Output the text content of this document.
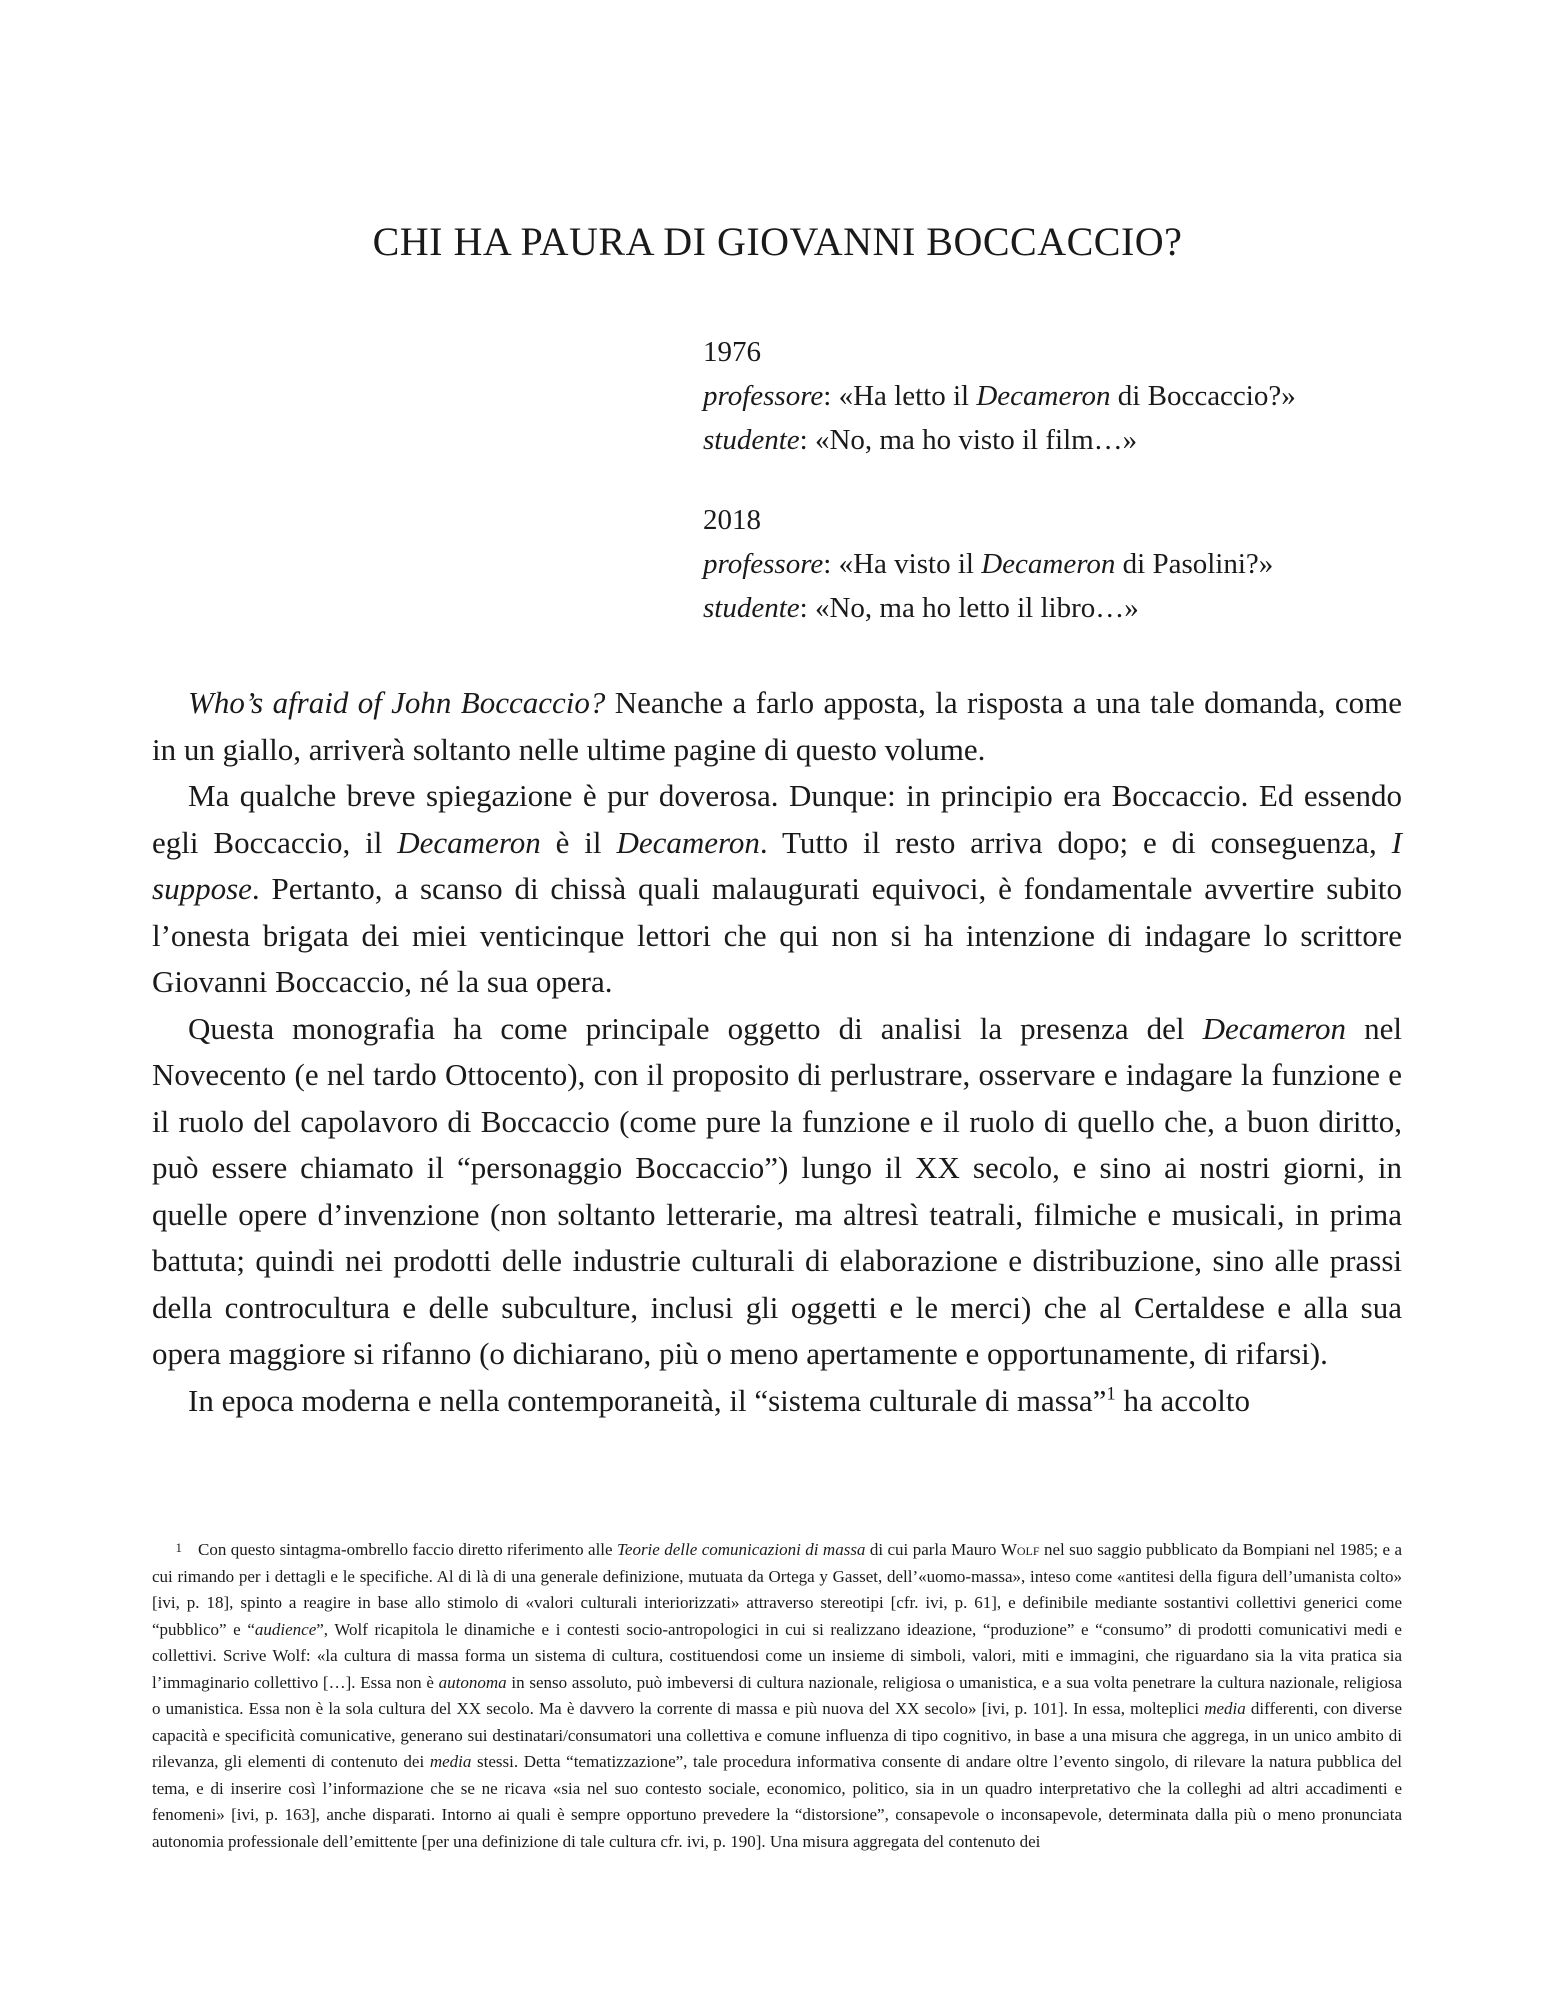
CHI HA PAURA DI GIOVANNI BOCCACCIO?
1976
professore: «Ha letto il Decameron di Boccaccio?»
studente: «No, ma ho visto il film…»
2018
professore: «Ha visto il Decameron di Pasolini?»
studente: «No, ma ho letto il libro…»

Who’s afraid of John Boccaccio? Neanche a farlo apposta, la risposta a una tale domanda, come in un giallo, arriverà soltanto nelle ultime pagine di questo volume.

Ma qualche breve spiegazione è pur doverosa. Dunque: in principio era Boccaccio. Ed essendo egli Boccaccio, il Decameron è il Decameron. Tutto il resto arriva dopo; e di conseguenza, I suppose. Pertanto, a scanso di chissà quali malaugurati equivoci, è fondamentale avvertire subito l’onesta brigata dei miei venticinque lettori che qui non si ha intenzione di indagare lo scrittore Giovanni Boccaccio, né la sua opera.

Questa monografia ha come principale oggetto di analisi la presenza del Decameron nel Novecento (e nel tardo Ottocento), con il proposito di perlustrare, osservare e indagare la funzione e il ruolo del capolavoro di Boccaccio (come pure la funzione e il ruolo di quello che, a buon diritto, può essere chiamato il “personaggio Boccaccio”) lungo il XX secolo, e sino ai nostri giorni, in quelle opere d’invenzione (non soltanto letterarie, ma altresì teatrali, filmiche e musicali, in prima battuta; quindi nei prodotti delle industrie culturali di elaborazione e distribuzione, sino alle prassi della controcultura e delle subculture, inclusi gli oggetti e le merci) che al Certaldese e alla sua opera maggiore si rifanno (o dichiarano, più o meno apertamente e opportunamente, di rifarsi).

In epoca moderna e nella contemporaneità, il “sistema culturale di massa”$^1$ ha accolto

1 Con questo sintagma-ombrello faccio diretto riferimento alle Teorie delle comunicazioni di massa di cui parla Mauro Wolf nel suo saggio pubblicato da Bompiani nel 1985; e a cui rimando per i dettagli e le specifiche. Al di là di una generale definizione, mutuata da Ortega y Gasset, dell’«uomo-massa», inteso come «antitesi della figura dell’umanista colto» [ivi, p. 18], spinto a reagire in base allo stimolo di «valori culturali interiorizzati» attraverso stereotipi [cfr. ivi, p. 61], e definibile mediante sostantivi collettivi generici come “pubblico” e “audience”, Wolf ricapitola le dinamiche e i contesti socio-antropologici in cui si realizzano ideazione, “produzione” e “consumo” di prodotti comunicativi medi e collettivi. Scrive Wolf: «la cultura di massa forma un sistema di cultura, costituendosi come un insieme di simboli, valori, miti e immagini, che riguardano sia la vita pratica sia l’immaginario collettivo […]. Essa non è autonoma in senso assoluto, può imbeversi di cultura nazionale, religiosa o umanistica, e a sua volta penetrare la cultura nazionale, religiosa o umanistica. Essa non è la sola cultura del XX secolo. Ma è davvero la corrente di massa e più nuova del XX secolo» [ivi, p. 101]. In essa, molteplici media differenti, con diverse capacità e specificità comunicative, generano sui destinatari/consumatori una collettiva e comune influenza di tipo cognitivo, in base a una misura che aggrega, in un unico ambito di rilevanza, gli elementi di contenuto dei media stessi. Detta “tematizzazione”, tale procedura informativa consente di andare oltre l’evento singolo, di rilevare la natura pubblica del tema, e di inserire così l’informazione che se ne ricava «sia nel suo contesto sociale, economico, politico, sia in un quadro interpretativo che la colleghi ad altri accadimenti e fenomeni» [ivi, p. 163], anche disparati. Intorno ai quali è sempre opportuno prevedere la “distorsione”, consapevole o inconsapevole, determinata dalla più o meno pronunciata autonomia professionale dell’emittente [per una definizione di tale cultura cfr. ivi, p. 190]. Una misura aggregata del contenuto dei
